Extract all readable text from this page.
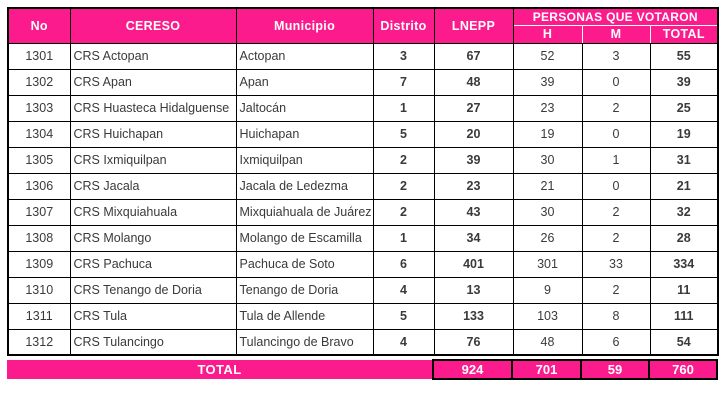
No	CERESO	Municipio	Distrito	LNEPP	PERSONAS QUE VOTARON		
					H	M	TOTAL
1301	CRS Actopan	Actopan	3	67	52	3	55
1302	CRS Apan	Apan	7	48	39	0	39
1303	CRS Huasteca Hidalguense	Jaltocán	1	27	23	2	25
1304	CRS Huichapan	Huichapan	5	20	19	0	19
1305	CRS Ixmiquilpan	Ixmiquilpan	2	39	30	1	31
1306	CRS Jacala	Jacala de Ledezma	2	23	21	0	21
1307	CRS Mixquiahuala	Mixquiahuala de Juárez	2	43	30	2	32
1308	CRS Molango	Molango de Escamilla	1	34	26	2	28
1309	CRS Pachuca	Pachuca de Soto	6	401	301	33	334
1310	CRS Tenango de Doria	Tenango de Doria	4	13	9	2	11
1311	CRS Tula	Tula de Allende	5	133	103	8	111
1312	CRS Tulancingo	Tulancingo de Bravo	4	76	48	6	54
TOTAL	924	701	59	760
